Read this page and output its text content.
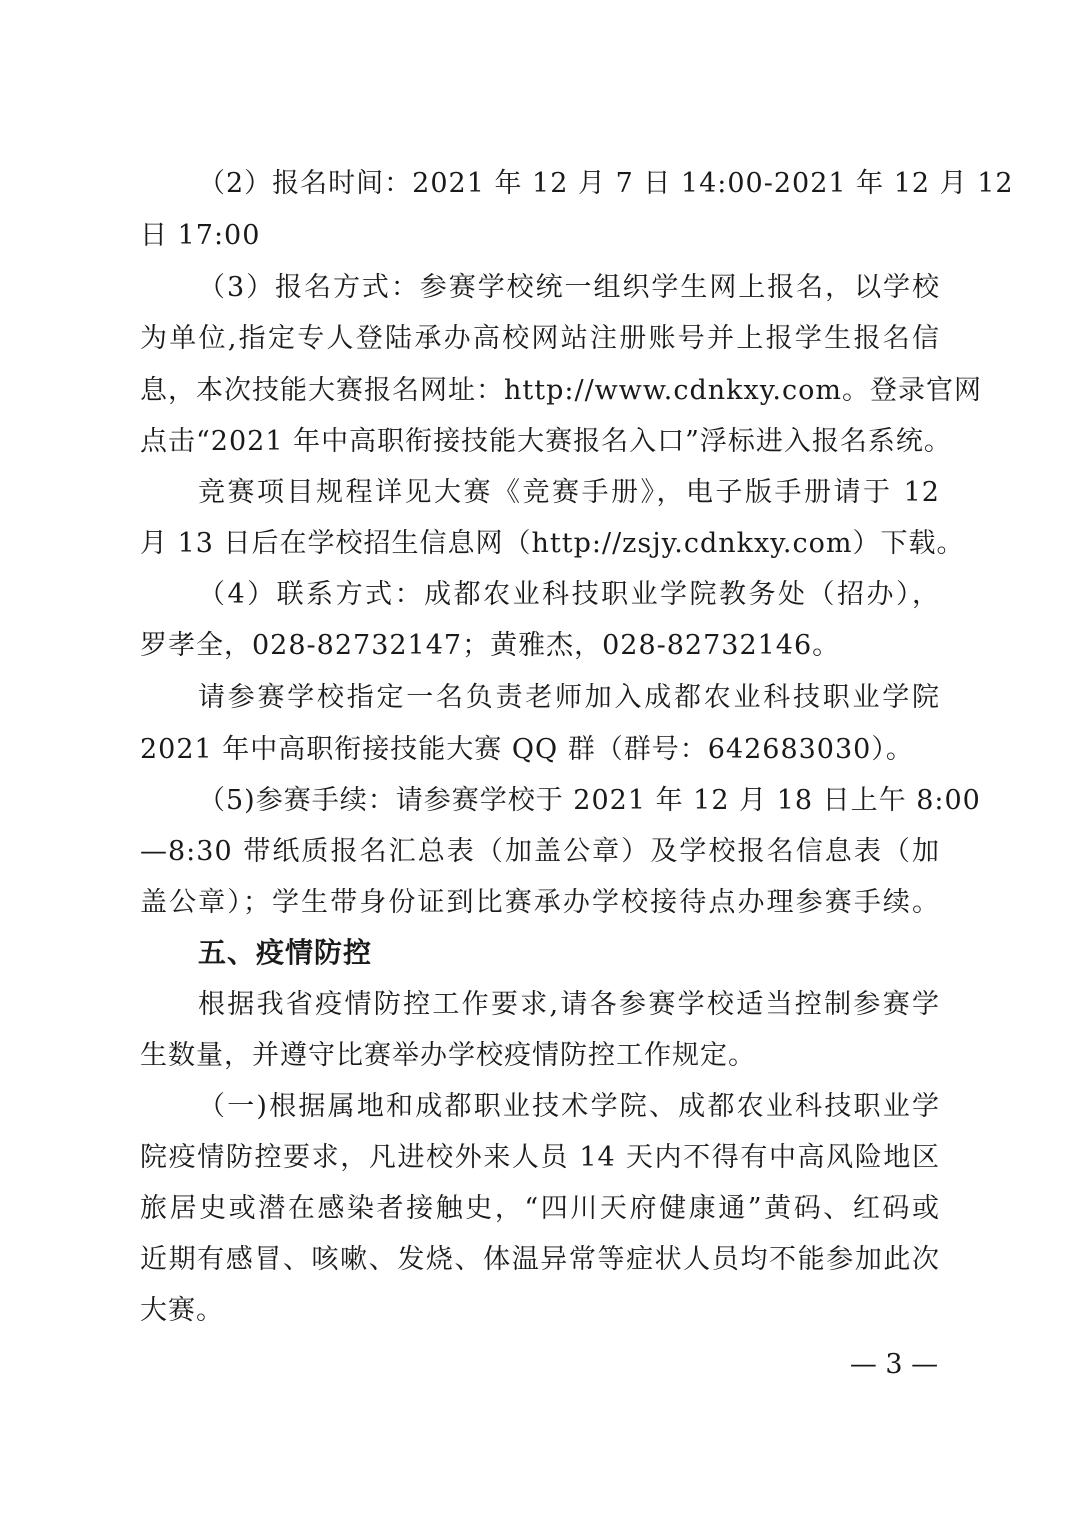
（2）报名时间：2021 年 12 月 7 日 14:00-2021 年 12 月 12
日 17:00
（3）报名方式：参赛学校统一组织学生网上报名，以学校
为单位,指定专人登陆承办高校网站注册账号并上报学生报名信
息，本次技能大赛报名网址：http://www.cdnkxy.com。登录官网
点击“2021 年中高职衔接技能大赛报名入口”浮标进入报名系统。
竞赛项目规程详见大赛《竞赛手册》，电子版手册请于 12
月 13 日后在学校招生信息网（http://zsjy.cdnkxy.com）下载。
（4）联系方式：成都农业科技职业学院教务处（招办），
罗孝全，028-82732147；黄雅杰，028-82732146。
请参赛学校指定一名负责老师加入成都农业科技职业学院
2021 年中高职衔接技能大赛 QQ 群（群号：642683030）。
（5)参赛手续：请参赛学校于 2021 年 12 月 18 日上午 8:00
—8:30 带纸质报名汇总表（加盖公章）及学校报名信息表（加
盖公章）；学生带身份证到比赛承办学校接待点办理参赛手续。
五、疫情防控
根据我省疫情防控工作要求,请各参赛学校适当控制参赛学
生数量，并遵守比赛举办学校疫情防控工作规定。
（一)根据属地和成都职业技术学院、成都农业科技职业学
院疫情防控要求，凡进校外来人员 14 天内不得有中高风险地区
旅居史或潜在感染者接触史，“四川天府健康通”黄码、红码或
近期有感冒、咳嗽、发烧、体温异常等症状人员均不能参加此次
大赛。
— 3 —
